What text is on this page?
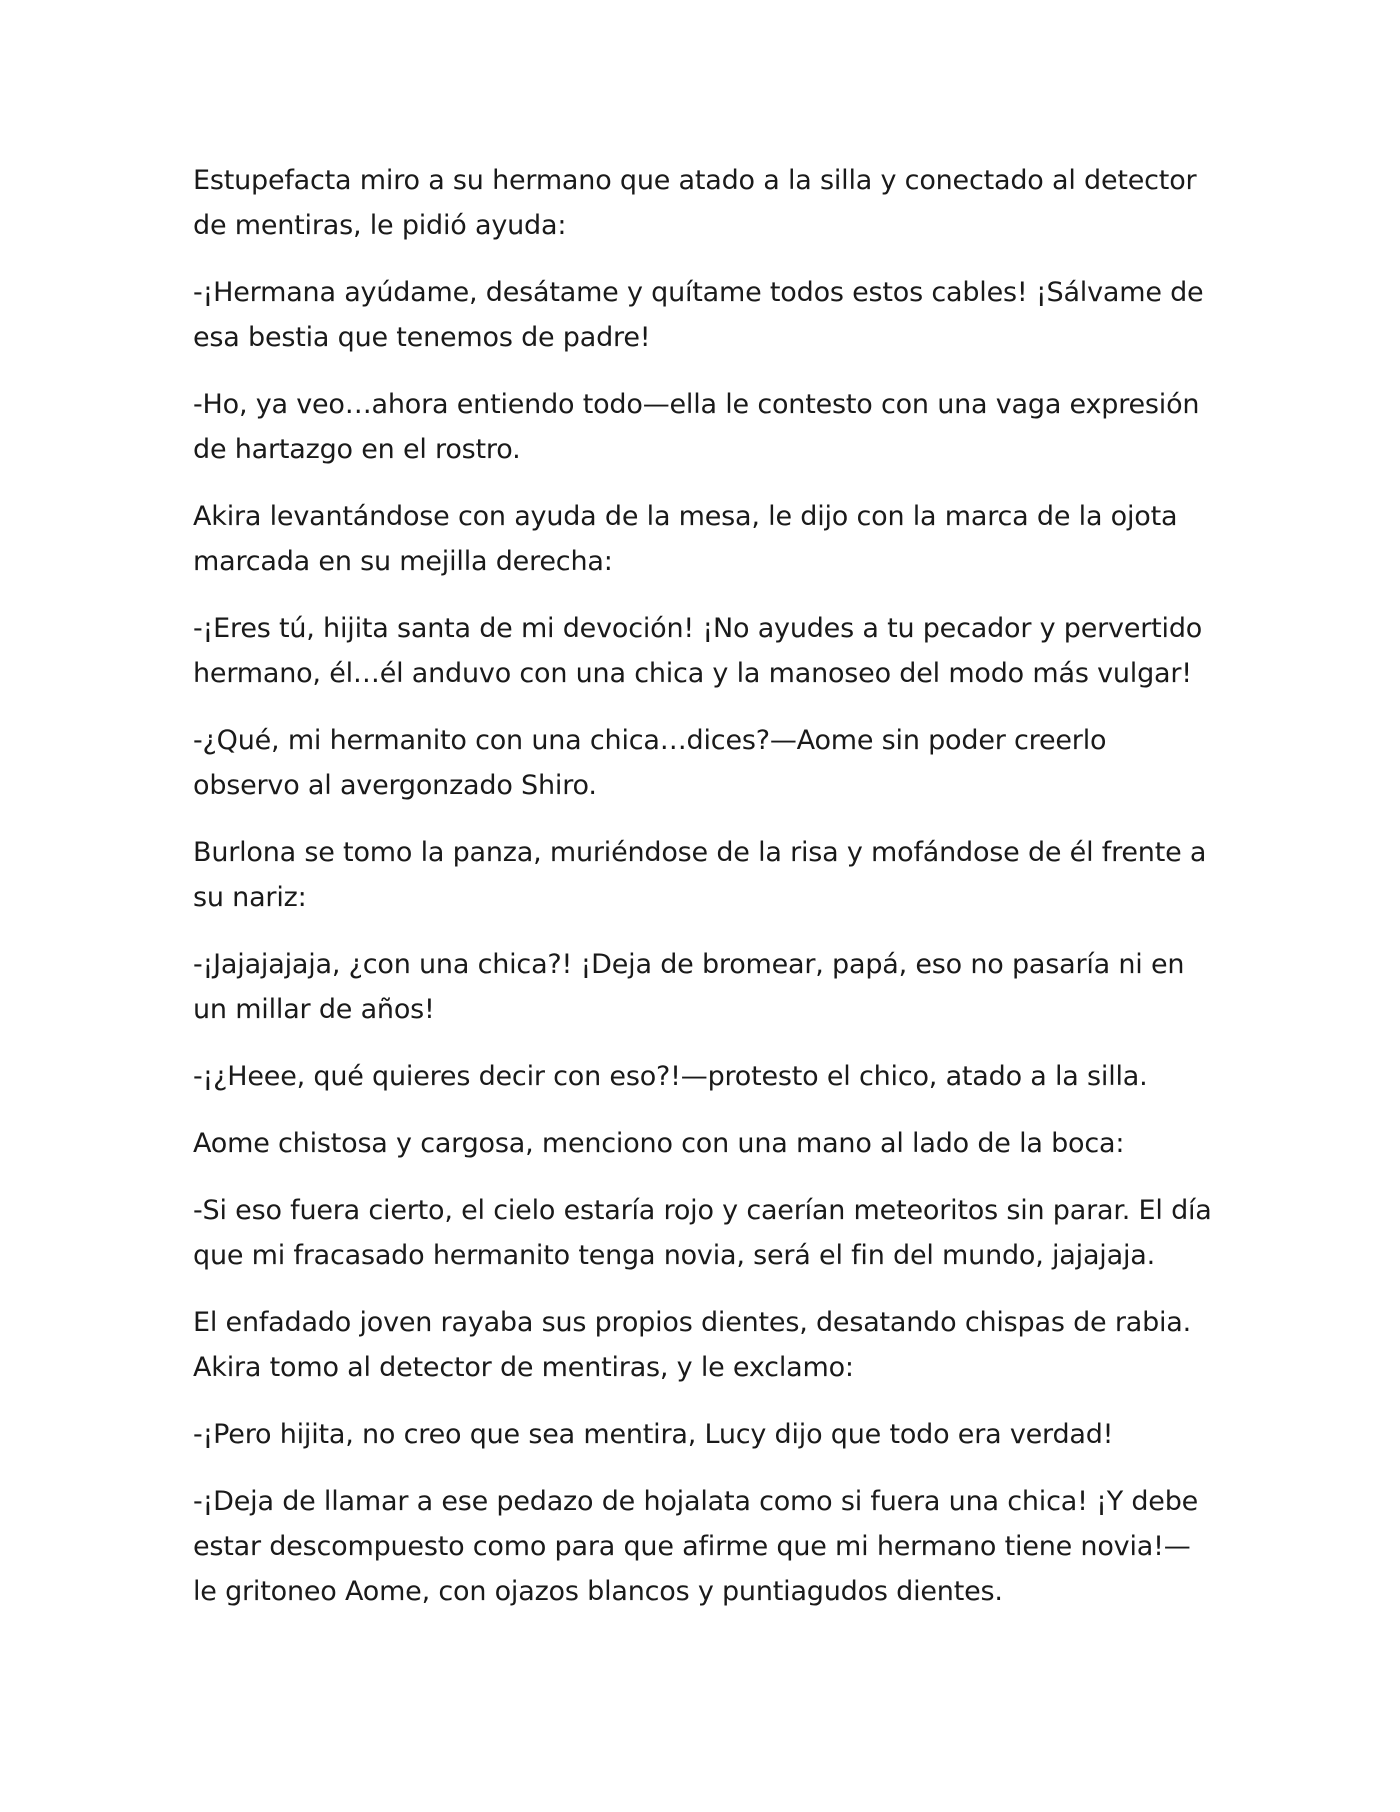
Estupefacta miro a su hermano que atado a la silla y conectado al detector de mentiras, le pidió ayuda:

-¡Hermana ayúdame, desátame y quítame todos estos cables! ¡Sálvame de esa bestia que tenemos de padre!

-Ho, ya veo…ahora entiendo todo—ella le contesto con una vaga expresión de hartazgo en el rostro.

Akira levantándose con ayuda de la mesa, le dijo con la marca de la ojota marcada en su mejilla derecha:

-¡Eres tú, hijita santa de mi devoción! ¡No ayudes a tu pecador y pervertido hermano, él…él anduvo con una chica y la manoseo del modo más vulgar!

-¿Qué, mi hermanito con una chica…dices?—Aome sin poder creerlo observo al avergonzado Shiro.

Burlona se tomo la panza, muriéndose de la risa y mofándose de él frente a su nariz:

-¡Jajajajaja, ¿con una chica?! ¡Deja de bromear, papá, eso no pasaría ni en un millar de años!

-¡¿Heee, qué quieres decir con eso?!—protesto el chico, atado a la silla.

Aome chistosa y cargosa, menciono con una mano al lado de la boca:

-Si eso fuera cierto, el cielo estaría rojo y caerían meteoritos sin parar. El día que mi fracasado hermanito tenga novia, será el fin del mundo, jajajaja.

El enfadado joven rayaba sus propios dientes, desatando chispas de rabia. Akira tomo al detector de mentiras, y le exclamo:

-¡Pero hijita, no creo que sea mentira, Lucy dijo que todo era verdad!

-¡Deja de llamar a ese pedazo de hojalata como si fuera una chica! ¡Y debe estar descompuesto como para que afirme que mi hermano tiene novia!—le gritoneo Aome, con ojazos blancos y puntiagudos dientes.
